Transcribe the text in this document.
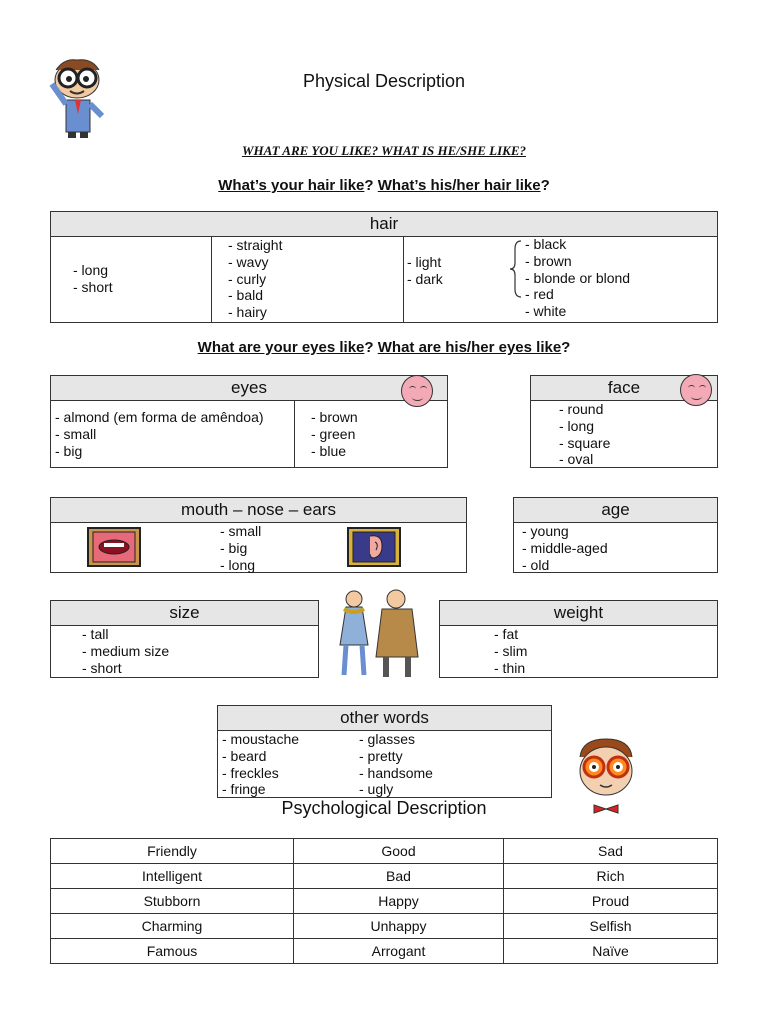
Physical Description
WHAT ARE YOU LIKE? WHAT IS HE/SHE LIKE?
What’s your hair like? What’s his/her hair like?
hair
- long
- short
- straight
- wavy
- curly
- bald
- hairy
- light
- dark
- black
- brown
- blonde or blond
- red
- white
What are your eyes like? What are his/her eyes like?
eyes
- almond (em forma de amêndoa)
- small
- big
- brown
- green
- blue
face
- round
- long
- square
- oval
mouth – nose – ears
- small
- big
- long
age
- young
- middle-aged
- old
size
- tall
- medium size
- short
weight
- fat
- slim
- thin
other words
- moustache
- beard
- freckles
- fringe
- glasses
- pretty
- handsome
- ugly
Psychological Description
Friendly	Good	Sad
Intelligent	Bad	Rich
Stubborn	Happy	Proud
Charming	Unhappy	Selfish
Famous	Arrogant	Naïve
